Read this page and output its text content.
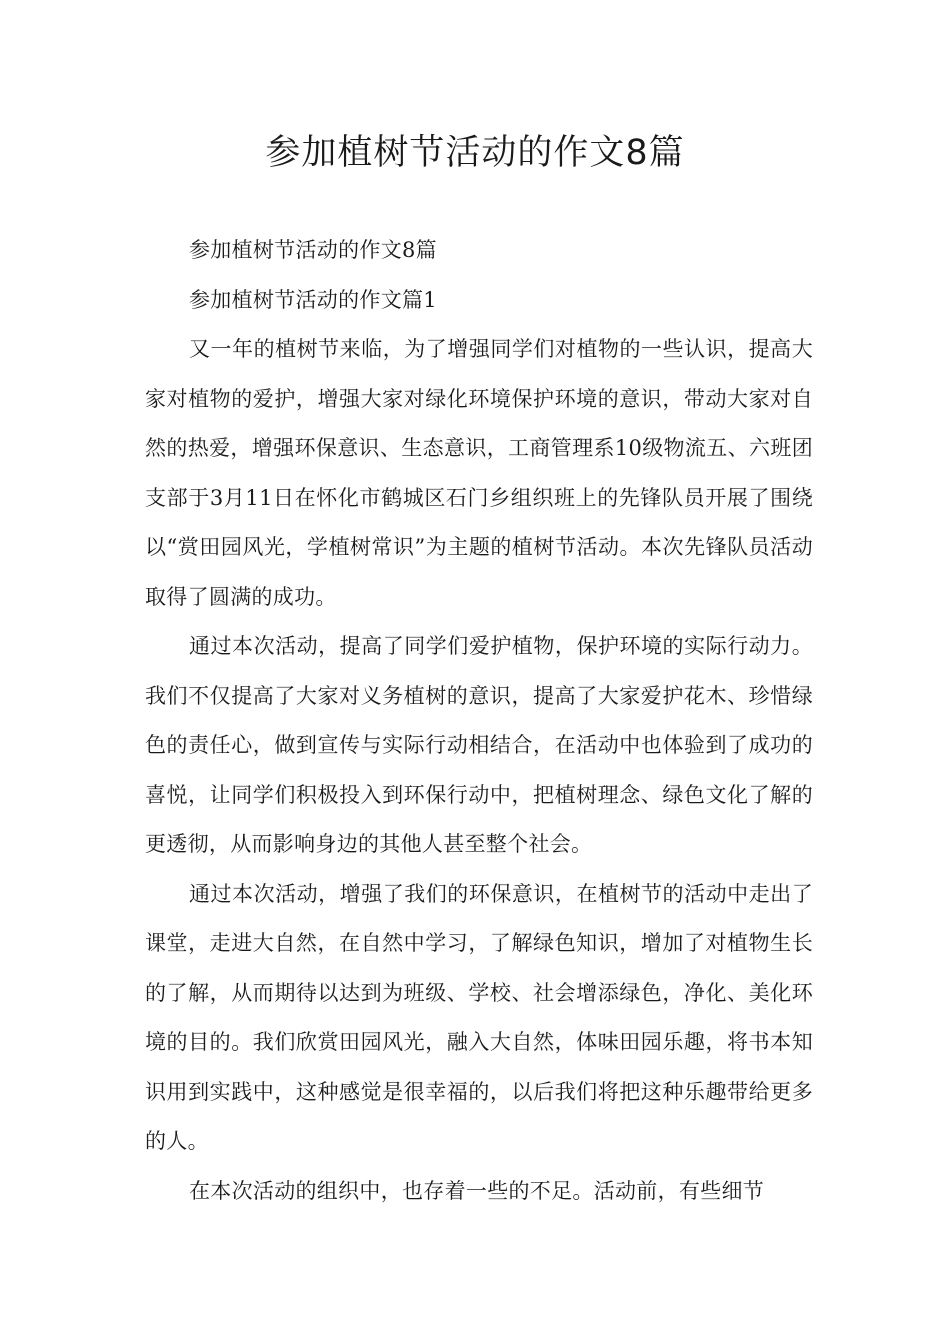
参加植树节活动的作文8篇

参加植树节活动的作文8篇

参加植树节活动的作文篇1

又一年的植树节来临，为了增强同学们对植物的一些认识，提高大家对植物的爱护，增强大家对绿化环境保护环境的意识，带动大家对自然的热爱，增强环保意识、生态意识，工商管理系10级物流五、六班团支部于3月11日在怀化市鹤城区石门乡组织班上的先锋队员开展了围绕以“赏田园风光，学植树常识”为主题的植树节活动。本次先锋队员活动取得了圆满的成功。

通过本次活动，提高了同学们爱护植物，保护环境的实际行动力。我们不仅提高了大家对义务植树的意识，提高了大家爱护花木、珍惜绿色的责任心，做到宣传与实际行动相结合，在活动中也体验到了成功的喜悦，让同学们积极投入到环保行动中，把植树理念、绿色文化了解的更透彻，从而影响身边的其他人甚至整个社会。

通过本次活动，增强了我们的环保意识，在植树节的活动中走出了课堂，走进大自然，在自然中学习，了解绿色知识，增加了对植物生长的了解，从而期待以达到为班级、学校、社会增添绿色，净化、美化环境的目的。我们欣赏田园风光，融入大自然，体味田园乐趣，将书本知识用到实践中，这种感觉是很幸福的，以后我们将把这种乐趣带给更多的人。

在本次活动的组织中，也存着一些的不足。活动前，有些细节
